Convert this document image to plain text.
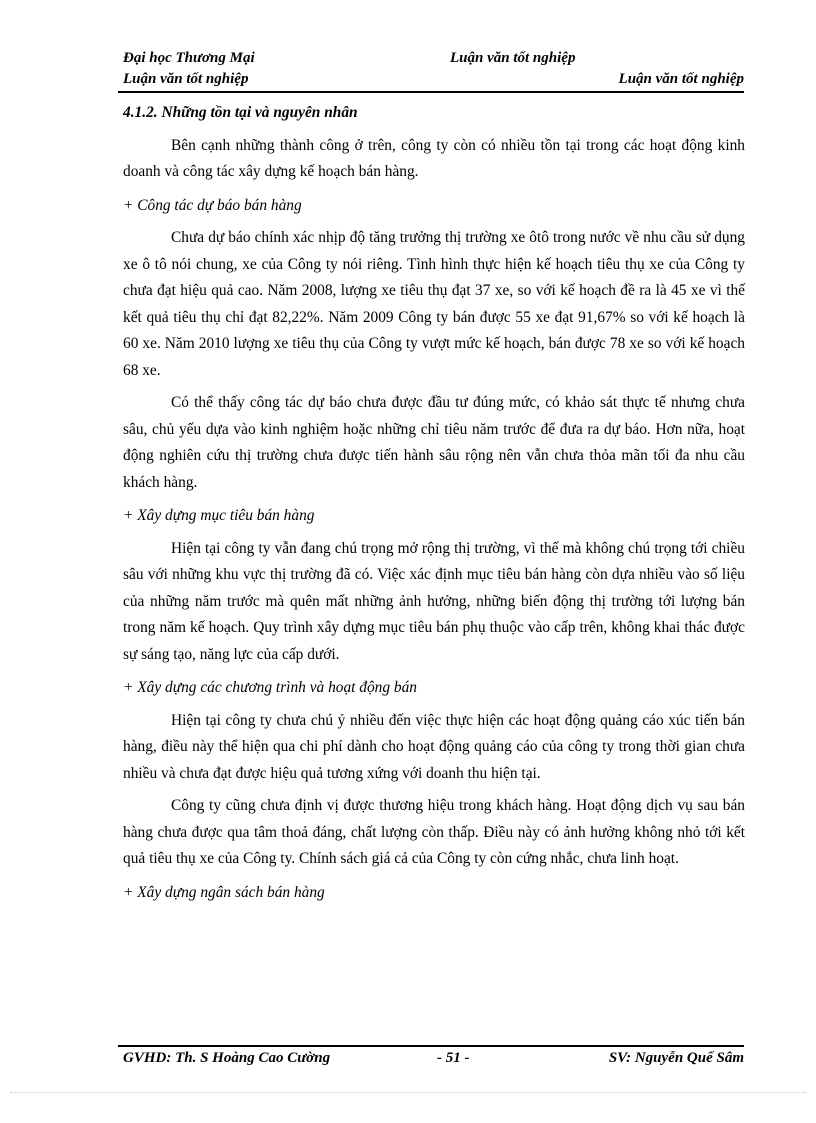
Đại học Thương Mại	Luận văn tốt nghiệp
Luận văn tốt nghiệp	Luận văn tốt nghiệp

4.1.2. Những tồn tại và nguyên nhân

Bên cạnh những thành công ở trên, công ty còn có nhiều tồn tại trong các hoạt động kinh doanh và công tác xây dựng kế hoạch bán hàng.

+ Công tác dự báo bán hàng

Chưa dự báo chính xác nhịp độ tăng trưởng thị trường xe ôtô trong nước về nhu cầu sử dụng xe ô tô nói chung, xe của Công ty nói riêng. Tình hình thực hiện kế hoạch tiêu thụ xe của Công ty chưa đạt hiệu quả cao. Năm 2008, lượng xe tiêu thụ đạt 37 xe, so với kế hoạch đề ra là 45 xe vì thế kết quả tiêu thụ chỉ đạt 82,22%. Năm 2009 Công ty bán được 55 xe đạt 91,67% so với kế hoạch là 60 xe. Năm 2010 lượng xe tiêu thụ của Công ty vượt mức kế hoạch, bán được 78 xe so với kế hoạch 68 xe.

Có thể thấy công tác dự báo chưa được đầu tư đúng mức, có khảo sát thực tế nhưng chưa sâu, chủ yếu dựa vào kinh nghiệm hoặc những chỉ tiêu năm trước để đưa ra dự báo. Hơn nữa, hoạt động nghiên cứu thị trường chưa được tiến hành sâu rộng nên vẫn chưa thỏa mãn tối đa nhu cầu khách hàng.

+ Xây dựng mục tiêu bán hàng

Hiện tại công ty vẫn đang chú trọng mở rộng thị trường, vì thế mà không chú trọng tới chiều sâu với những khu vực thị trường đã có. Việc xác định mục tiêu bán hàng còn dựa nhiều vào số liệu của những năm trước mà quên mất những ảnh hưởng, những biến động thị trường tới lượng bán trong năm kế hoạch. Quy trình xây dựng mục tiêu bán phụ thuộc vào cấp trên, không khai thác được sự sáng tạo, năng lực của cấp dưới.

+ Xây dựng các chương trình và hoạt động bán

Hiện tại công ty chưa chú ý nhiều đến việc thực hiện các hoạt động quảng cáo xúc tiến bán hàng, điều này thể hiện qua chi phí dành cho hoạt động quảng cáo của công ty trong thời gian chưa nhiều và chưa đạt được hiệu quả tương xứng với doanh thu hiện tại.

Công ty cũng chưa định vị được thương hiệu trong khách hàng. Hoạt động dịch vụ sau bán hàng chưa được qua tâm thoả đáng, chất lượng còn thấp. Điều này có ảnh hưởng không nhỏ tới kết quả tiêu thụ xe của Công ty. Chính sách giá cả của Công ty còn cứng nhắc, chưa linh hoạt.

+ Xây dựng ngân sách bán hàng

GVHD: Th. S Hoàng Cao Cường	- 51 -	SV: Nguyễn Quế Sâm
